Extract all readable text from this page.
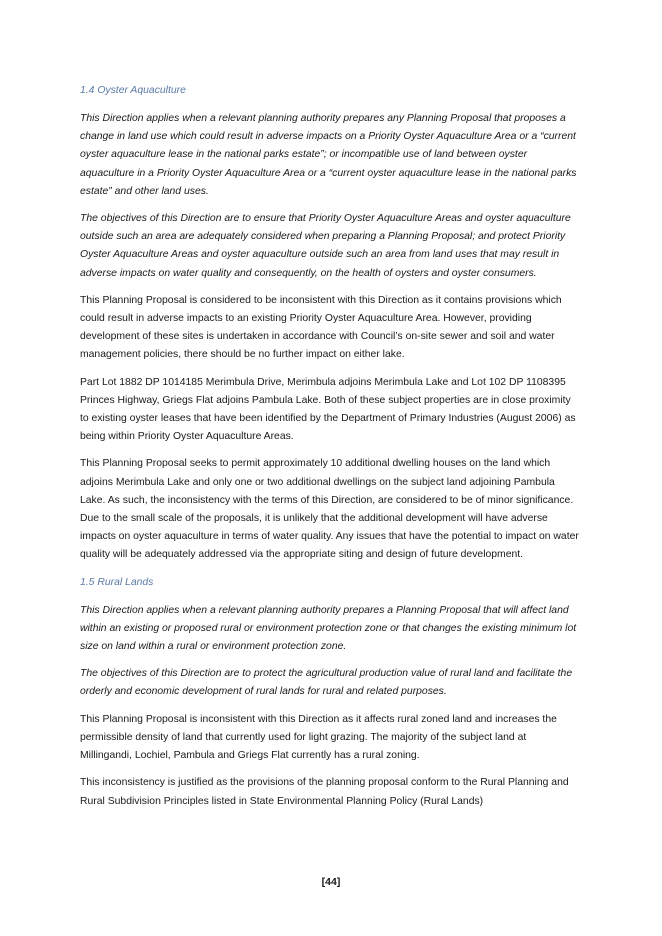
1.4 Oyster Aquaculture

This Direction applies when a relevant planning authority prepares any Planning Proposal that proposes a change in land use which could result in adverse impacts on a Priority Oyster Aquaculture Area or a “current oyster aquaculture lease in the national parks estate”; or incompatible use of land between oyster aquaculture in a Priority Oyster Aquaculture Area or a “current oyster aquaculture lease in the national parks estate” and other land uses.

The objectives of this Direction are to ensure that Priority Oyster Aquaculture Areas and oyster aquaculture outside such an area are adequately considered when preparing a Planning Proposal; and protect Priority Oyster Aquaculture Areas and oyster aquaculture outside such an area from land uses that may result in adverse impacts on water quality and consequently, on the health of oysters and oyster consumers.

This Planning Proposal is considered to be inconsistent with this Direction as it contains provisions which could result in adverse impacts to an existing Priority Oyster Aquaculture Area. However, providing development of these sites is undertaken in accordance with Council’s on-site sewer and soil and water management policies, there should be no further impact on either lake.

Part Lot 1882 DP 1014185 Merimbula Drive, Merimbula adjoins Merimbula Lake and Lot 102 DP 1108395 Princes Highway, Griegs Flat adjoins Pambula Lake. Both of these subject properties are in close proximity to existing oyster leases that have been identified by the Department of Primary Industries (August 2006) as being within Priority Oyster Aquaculture Areas.

This Planning Proposal seeks to permit approximately 10 additional dwelling houses on the land which adjoins Merimbula Lake and only one or two additional dwellings on the subject land adjoining Pambula Lake. As such, the inconsistency with the terms of this Direction, are considered to be of minor significance. Due to the small scale of the proposals, it is unlikely that the additional development will have adverse impacts on oyster aquaculture in terms of water quality. Any issues that have the potential to impact on water quality will be adequately addressed via the appropriate siting and design of future development.

1.5 Rural Lands

This Direction applies when a relevant planning authority prepares a Planning Proposal that will affect land within an existing or proposed rural or environment protection zone or that changes the existing minimum lot size on land within a rural or environment protection zone.

The objectives of this Direction are to protect the agricultural production value of rural land and facilitate the orderly and economic development of rural lands for rural and related purposes.

This Planning Proposal is inconsistent with this Direction as it affects rural zoned land and increases the permissible density of land that currently used for light grazing. The majority of the subject land at Millingandi, Lochiel, Pambula and Griegs Flat currently has a rural zoning.

This inconsistency is justified as the provisions of the planning proposal conform to the Rural Planning and Rural Subdivision Principles listed in State Environmental Planning Policy (Rural Lands)

[44]
